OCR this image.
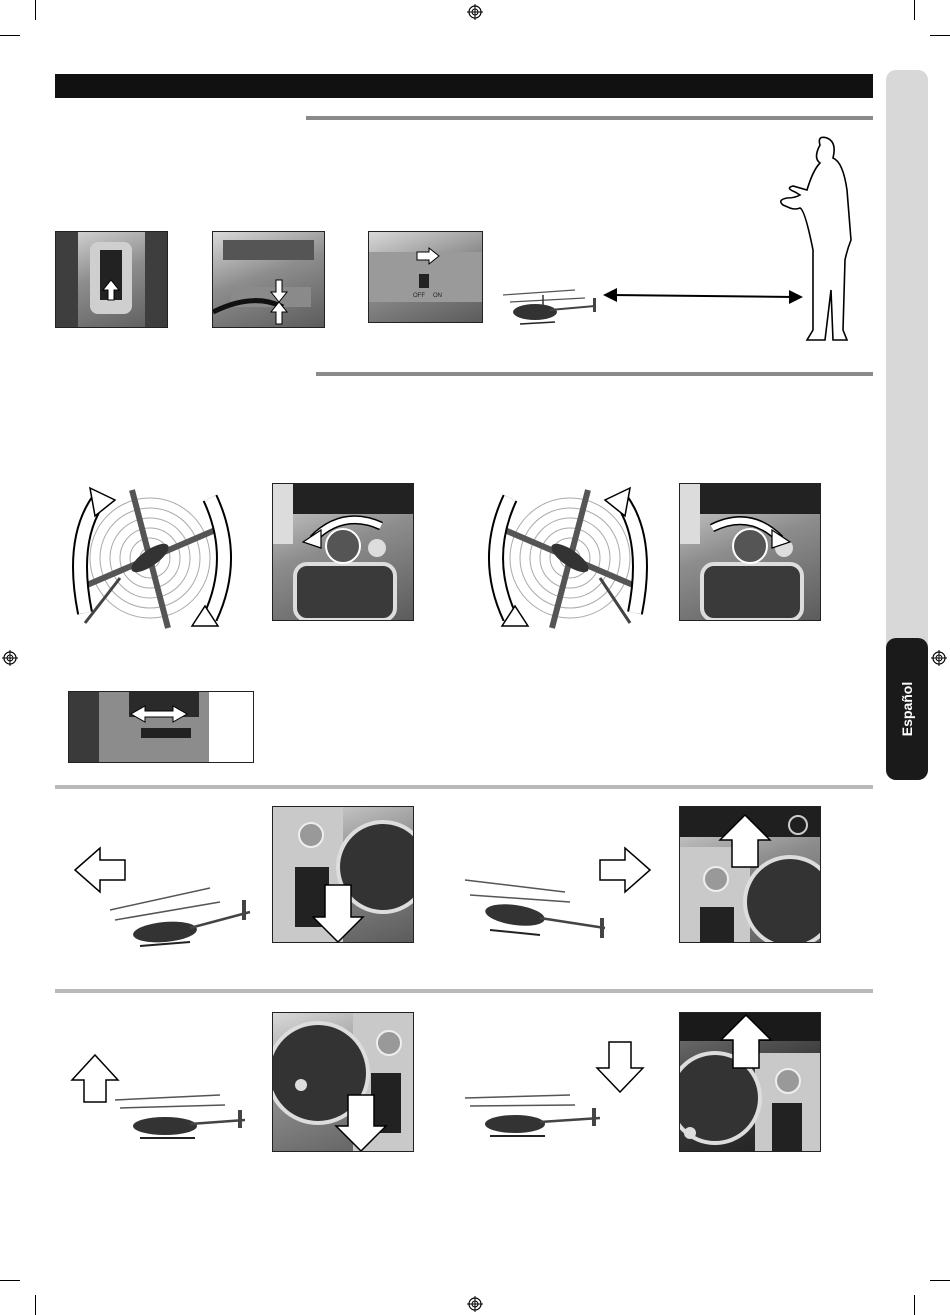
Español
OFF ON
